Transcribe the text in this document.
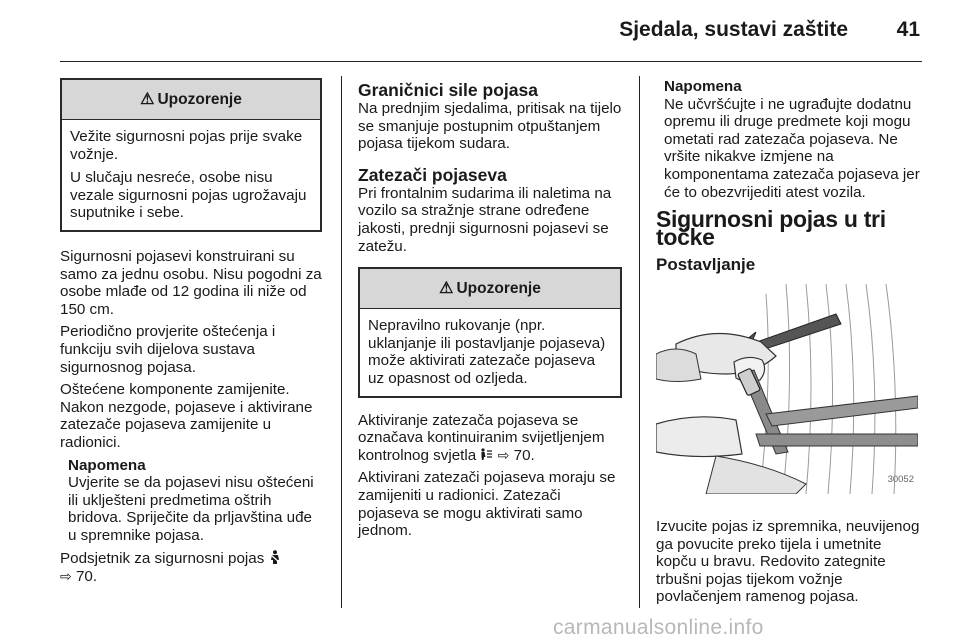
Sjedala, sustavi zaštite 41
⚠ Upozorenje

Vežite sigurnosni pojas prije svake vožnje.

U slučaju nesreće, osobe nisu vezale sigurnosni pojas ugrožavaju suputnike i sebe.

Sigurnosni pojasevi konstruirani su samo za jednu osobu. Nisu pogodni za osobe mlađe od 12 godina ili niže od 150 cm.

Periodično provjerite oštećenja i funkciju svih dijelova sustava sigurnosnog pojasa.

Oštećene komponente zamijenite. Nakon nezgode, pojaseve i aktivirane zatezače pojaseva zamijenite u radionici.

Napomena
Uvjerite se da pojasevi nisu oštećeni ili uklješteni predmetima oštrih bridova. Spriječite da prljavština uđe u spremnike pojasa.

Podsjetnik za sigurnosni pojas
⇨ 70.

Graničnici sile pojasa

Na prednjim sjedalima, pritisak na tijelo se smanjuje postupnim otpuštanjem pojasa tijekom sudara.

Zatezači pojaseva

Pri frontalnim sudarima ili naletima na vozilo sa stražnje strane određene jakosti, prednji sigurnosni pojasevi se zatežu.

⚠ Upozorenje

Nepravilno rukovanje (npr. uklanjanje ili postavljanje pojaseva) može aktivirati zatezače pojaseva uz opasnost od ozljeda.

Aktiviranje zatezača pojaseva se označava kontinuiranim svijetljenjem kontrolnog svjetla ⇨ 70.

Aktivirani zatezači pojaseva moraju se zamijeniti u radionici. Zatezači pojaseva se mogu aktivirati samo jednom.

Napomena
Ne učvršćujte i ne ugrađujte dodatnu opremu ili druge predmete koji mogu ometati rad zatezača pojaseva. Ne vršite nikakve izmjene na komponentama zatezača pojaseva jer će to obezvrijediti atest vozila.
Sigurnosni pojas u tri točke
Postavljanje
30052

Izvucite pojas iz spremnika, neuvijenog ga povucite preko tijela i umetnite kopču u bravu. Redovito zategnite trbušni pojas tijekom vožnje povlačenjem ramenog pojasa.

carmanualsonline.info
